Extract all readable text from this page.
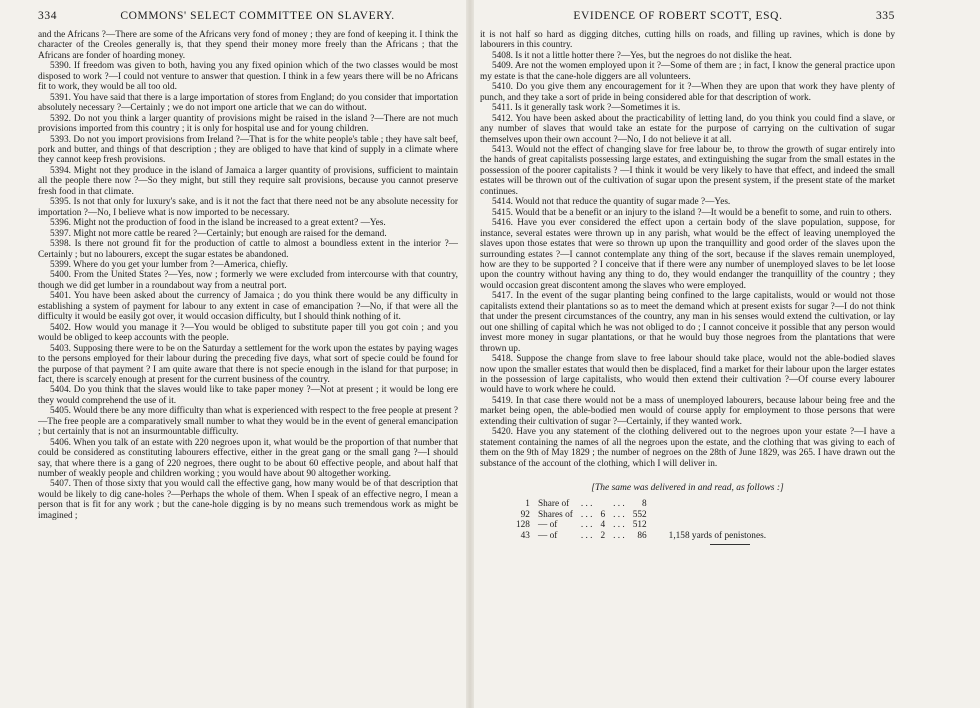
334	COMMONS' SELECT COMMITTEE ON SLAVERY.

and the Africans ?—There are some of the Africans very fond of money ; they are fond of keeping it. I think the character of the Creoles generally is, that they spend their money more freely than the Africans ; that the Africans are fonder of hoarding money.

5390. If freedom was given to both, having you any fixed opinion which of the two classes would be most disposed to work ?—I could not venture to answer that question. I think in a few years there will be no Africans fit to work, they would be all too old.

5391. You have said that there is a large importation of stores from England; do you consider that importation absolutely necessary ?—Certainly ; we do not import one article that we can do without.

5392. Do not you think a larger quantity of provisions might be raised in the island ?—There are not much provisions imported from this country ; it is only for hospital use and for young children.

5393. Do not you import provisions from Ireland ?—That is for the white people's table ; they have salt beef, pork and butter, and things of that description ; they are obliged to have that kind of supply in a climate where they cannot keep fresh provisions.

5394. Might not they produce in the island of Jamaica a larger quantity of provisions, sufficient to maintain all the people there now ?—So they might, but still they require salt provisions, because you cannot preserve fresh food in that climate.

5395. Is not that only for luxury's sake, and is it not the fact that there need not be any absolute necessity for importation ?—No, I believe what is now imported to be necessary.

5396. Might not the production of food in the island be increased to a great extent? —Yes.

5397. Might not more cattle be reared ?—Certainly; but enough are raised for the demand.

5398. Is there not ground fit for the production of cattle to almost a boundless extent in the interior ?—Certainly ; but no labourers, except the sugar estates be abandoned.

5399. Where do you get your lumber from ?—America, chiefly.

5400. From the United States ?—Yes, now ; formerly we were excluded from intercourse with that country, though we did get lumber in a roundabout way from a neutral port.

5401. You have been asked about the currency of Jamaica ; do you think there would be any difficulty in establishing a system of payment for labour to any extent in case of emancipation ?—No, if that were all the difficulty it would be easily got over, it would occasion difficulty, but I should think nothing of it.

5402. How would you manage it ?—You would be obliged to substitute paper till you got coin ; and you would be obliged to keep accounts with the people.

5403. Supposing there were to be on the Saturday a settlement for the work upon the estates by paying wages to the persons employed for their labour during the preceding five days, what sort of specie could be found for the purpose of that payment ? I am quite aware that there is not specie enough in the island for that purpose; in fact, there is scarcely enough at present for the current business of the country.

5404. Do you think that the slaves would like to take paper money ?—Not at present ; it would be long ere they would comprehend the use of it.

5405. Would there be any more difficulty than what is experienced with respect to the free people at present ?—The free people are a comparatively small number to what they would be in the event of general emancipation ; but certainly that is not an insurmountable difficulty.

5406. When you talk of an estate with 220 negroes upon it, what would be the proportion of that number that could be considered as constituting labourers effective, either in the great gang or the small gang ?—I should say, that where there is a gang of 220 negroes, there ought to be about 60 effective people, and about half that number of weakly people and children working ; you would have about 90 altogether working.

5407. Then of those sixty that you would call the effective gang, how many would be of that description that would be likely to dig cane-holes ?—Perhaps the whole of them. When I speak of an effective negro, I mean a person that is fit for any work ; but the cane-hole digging is by no means such tremendous work as might be imagined ;

EVIDENCE OF ROBERT SCOTT, ESQ.	335

it is not half so hard as digging ditches, cutting hills on roads, and filling up ravines, which is done by labourers in this country.

5408. Is it not a little hotter there ?—Yes, but the negroes do not dislike the heat.

5409. Are not the women employed upon it ?—Some of them are ; in fact, I know the general practice upon my estate is that the cane-hole diggers are all volunteers.

5410. Do you give them any encouragement for it ?—When they are upon that work they have plenty of punch, and they take a sort of pride in being considered able for that description of work.

5411. Is it generally task work ?—Sometimes it is.

5412. You have been asked about the practicability of letting land, do you think you could find a slave, or any number of slaves that would take an estate for the purpose of carrying on the cultivation of sugar themselves upon their own account ?—No, I do not believe it at all.

5413. Would not the effect of changing slave for free labour be, to throw the growth of sugar entirely into the hands of great capitalists possessing large estates, and extinguishing the sugar from the small estates in the possession of the poorer capitalists ? —I think it would be very likely to have that effect, and indeed the small estates will be thrown out of the cultivation of sugar upon the present system, if the present state of the market continues.

5414. Would not that reduce the quantity of sugar made ?—Yes.

5415. Would that be a benefit or an injury to the island ?—It would be a benefit to some, and ruin to others.

5416. Have you ever considered the effect upon a certain body of the slave population, suppose, for instance, several estates were thrown up in any parish, what would be the effect of leaving unemployed the slaves upon those estates that were so thrown up upon the tranquillity and good order of the slaves upon the surrounding estates ?—I cannot contemplate any thing of the sort, because if the slaves remain unemployed, how are they to be supported ? I conceive that if there were any number of unemployed slaves to be let loose upon the country without having any thing to do, they would endanger the tranquillity of the country ; they would occasion great discontent among the slaves who were employed.

5417. In the event of the sugar planting being confined to the large capitalists, would or would not those capitalists extend their plantations so as to meet the demand which at present exists for sugar ?—I do not think that under the present circumstances of the country, any man in his senses would extend the cultivation, or lay out one shilling of capital which he was not obliged to do ; I cannot conceive it possible that any person would invest more money in sugar plantations, or that he would buy those negroes from the plantations that were thrown up.

5418. Suppose the change from slave to free labour should take place, would not the able-bodied slaves now upon the smaller estates that would then be displaced, find a market for their labour upon the larger estates in the possession of large capitalists, who would then extend their cultivation ?—Of course every labourer would have to work where he could.

5419. In that case there would not be a mass of unemployed labourers, because labour being free and the market being open, the able-bodied men would of course apply for employment to those persons that were extending their cultivation of sugar ?—Certainly, if they wanted work.

5420. Have you any statement of the clothing delivered out to the negroes upon your estate ?—I have a statement containing the names of all the negroes upon the estate, and the clothing that was giving to each of them on the 9th of May 1829 ; the number of negroes on the 28th of June 1829, was 265. I have drawn out the substance of the account of the clothing, which I will deliver in.

[The same was delivered in and read, as follows :]
1	Share of	. . .		. . .	8	
92	Shares of	. . .	6	. . .	552	
128	— of	. . .	4	. . .	512	
43	— of	. . .	2	. . .	86	1,158 yards of penistones.
